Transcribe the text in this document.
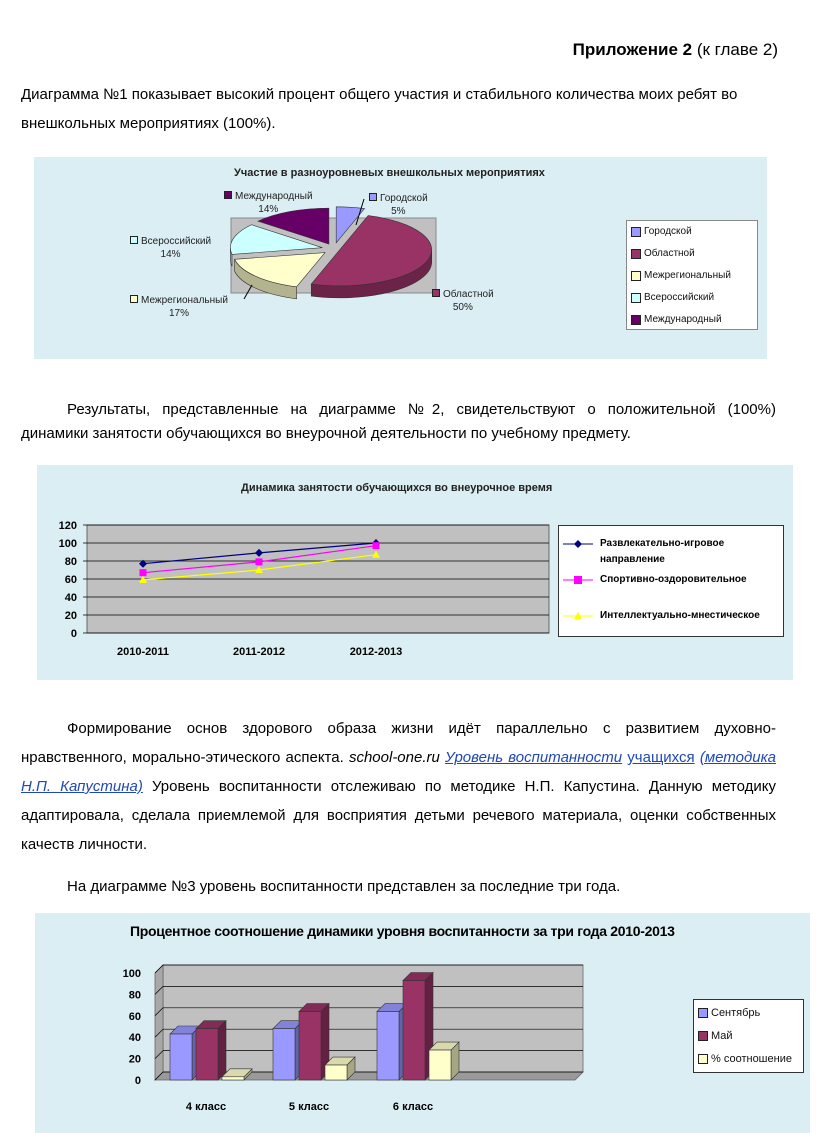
Приложение 2 (к главе 2)
Диаграмма №1 показывает высокий процент общего участия и стабильного количества моих ребят во внешкольных мероприятиях (100%).
Участие в разноуровневых внешкольных мероприятиях
Международный
14%
Городской
5%
Всероссийский
14%
Межрегиональный
17%
Областной
50%
Городской
Областной
Межрегиональный
Всероссийский
Международный
Результаты, представленные на диаграмме №2, свидетельствуют о положительной (100%) динамики занятости обучающихся во внеурочной деятельности по учебному предмету.
Динамика занятости обучающихся во внеурочное время
0
20
40
60
80
100
120
2010-2011	2011-2012	2012-2013
Развлекательно-игровое направление
Спортивно-оздоровительное
Интеллектуально-мнестическое
Формирование основ здорового образа жизни идёт параллельно с развитием духовно-нравственного, морально-этического аспекта. school-one.ru Уровень воспитанности учащихся (методика Н.П. Капустина) Уровень воспитанности отслеживаю по методике Н.П. Капустина. Данную методику адаптировала, сделала приемлемой для восприятия детьми речевого материала, оценки собственных качеств личности.
На диаграмме №3 уровень воспитанности представлен за последние три года.
Процентное соотношение динамики уровня воспитанности за три года 2010-2013
0
20
40
60
80
100
4 класс	5 класс	6 класс
Сентябрь
Май
% соотношение
